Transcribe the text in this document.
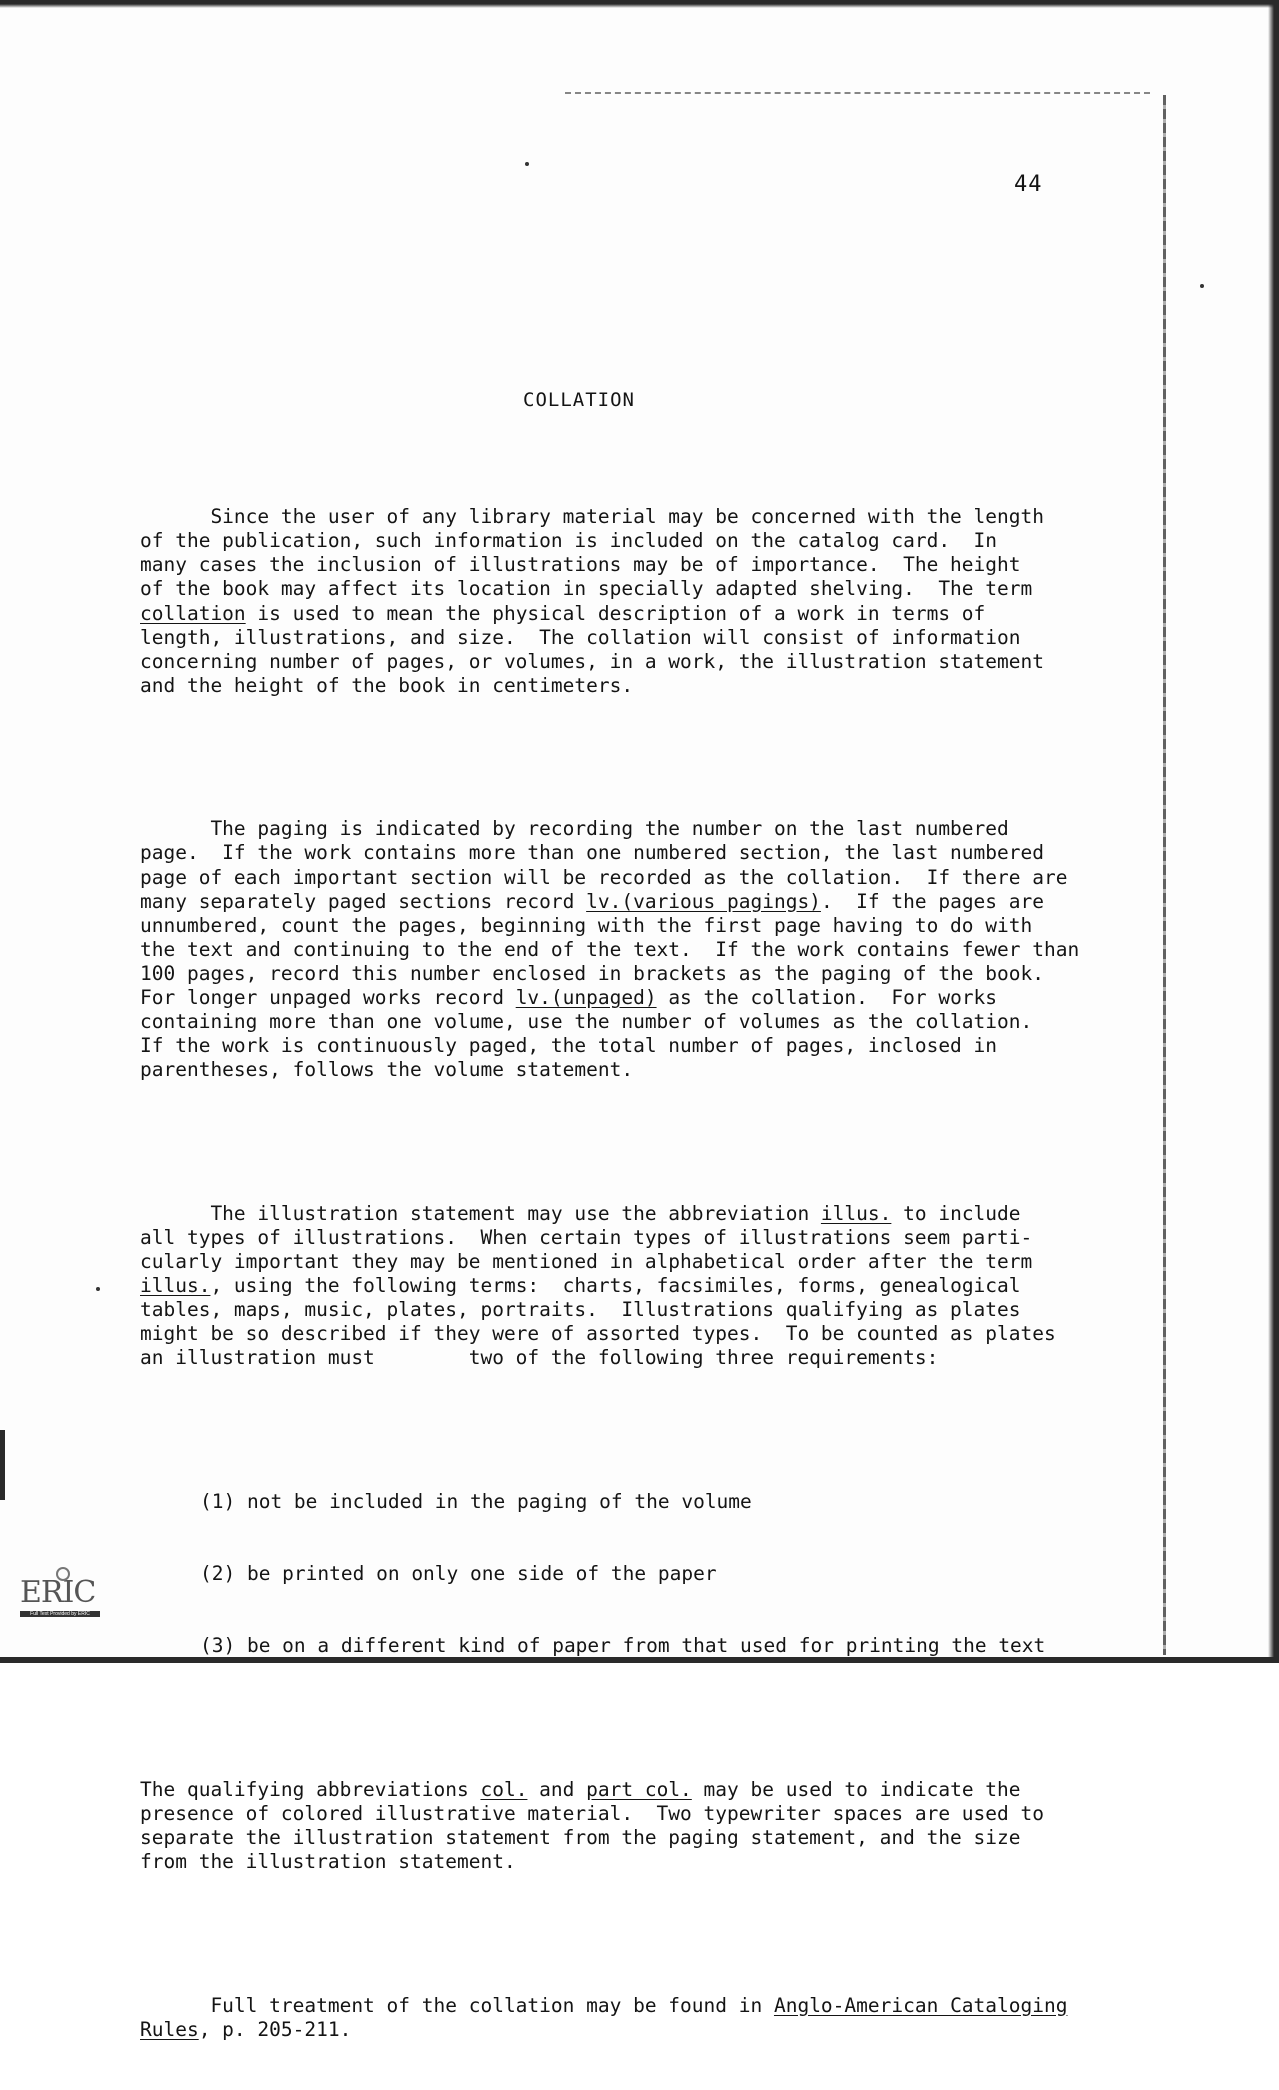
44
COLLATION

Since the user of any library material may be concerned with the length
of the publication, such information is included on the catalog card.  In
many cases the inclusion of illustrations may be of importance.  The height
of the book may affect its location in specially adapted shelving.  The term
collation is used to mean the physical description of a work in terms of
length, illustrations, and size.  The collation will consist of information
concerning number of pages, or volumes, in a work, the illustration statement
and the height of the book in centimeters.

The paging is indicated by recording the number on the last numbered
page.  If the work contains more than one numbered section, the last numbered
page of each important section will be recorded as the collation.  If there are
many separately paged sections record lv.(various pagings).  If the pages are
unnumbered, count the pages, beginning with the first page having to do with
the text and continuing to the end of the text.  If the work contains fewer than
100 pages, record this number enclosed in brackets as the paging of the book.
For longer unpaged works record lv.(unpaged) as the collation.  For works
containing more than one volume, use the number of volumes as the collation.
If the work is continuously paged, the total number of pages, inclosed in
parentheses, follows the volume statement.

The illustration statement may use the abbreviation illus. to include
all types of illustrations.  When certain types of illustrations seem parti-
cularly important they may be mentioned in alphabetical order after the term
illus., using the following terms:  charts, facsimiles, forms, genealogical
tables, maps, music, plates, portraits.  Illustrations qualifying as plates
might be so described if they were of assorted types.  To be counted as plates
an illustration must        two of the following three requirements:

(1) not be included in the paging of the volume

(2) be printed on only one side of the paper

(3) be on a different kind of paper from that used for printing the text

The qualifying abbreviations col. and part col. may be used to indicate the
presence of colored illustrative material.  Two typewriter spaces are used to
separate the illustration statement from the paging statement, and the size
from the illustration statement.

Full treatment of the collation may be found in Anglo-American Cataloging
Rules, p. 205-211.

ERIC
Full Text Provided by ERIC
